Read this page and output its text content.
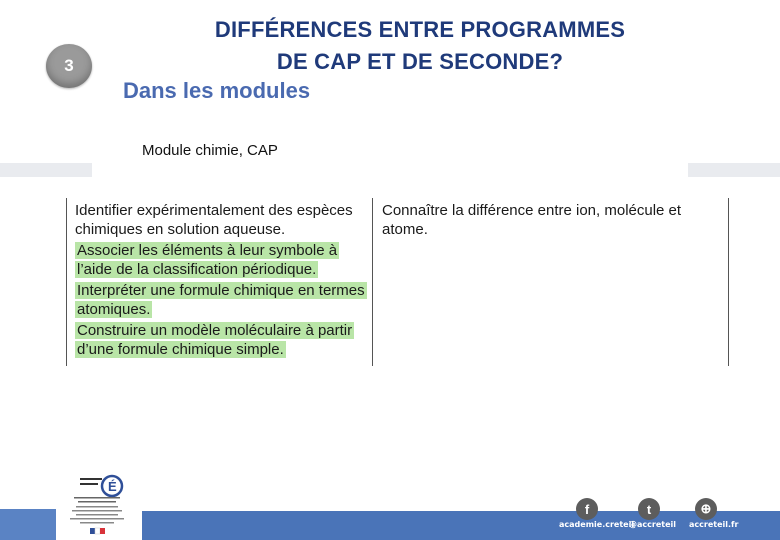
3
DIFFÉRENCES ENTRE PROGRAMMES
DE CAP ET DE SECONDE?
Dans les modules
Module chimie, CAP

Identifier expérimentalement des espèces chimiques en solution aqueuse.

Associer les éléments à leur symbole à l’aide de la classification périodique.

Interpréter une formule chimique en termes atomiques.

Construire un modèle moléculaire à partir d’une formule chimique simple.

Connaître la différence entre ion, molécule et atome.
É
f	t	⊕
academie.creteil
@accreteil accreteil.fr
